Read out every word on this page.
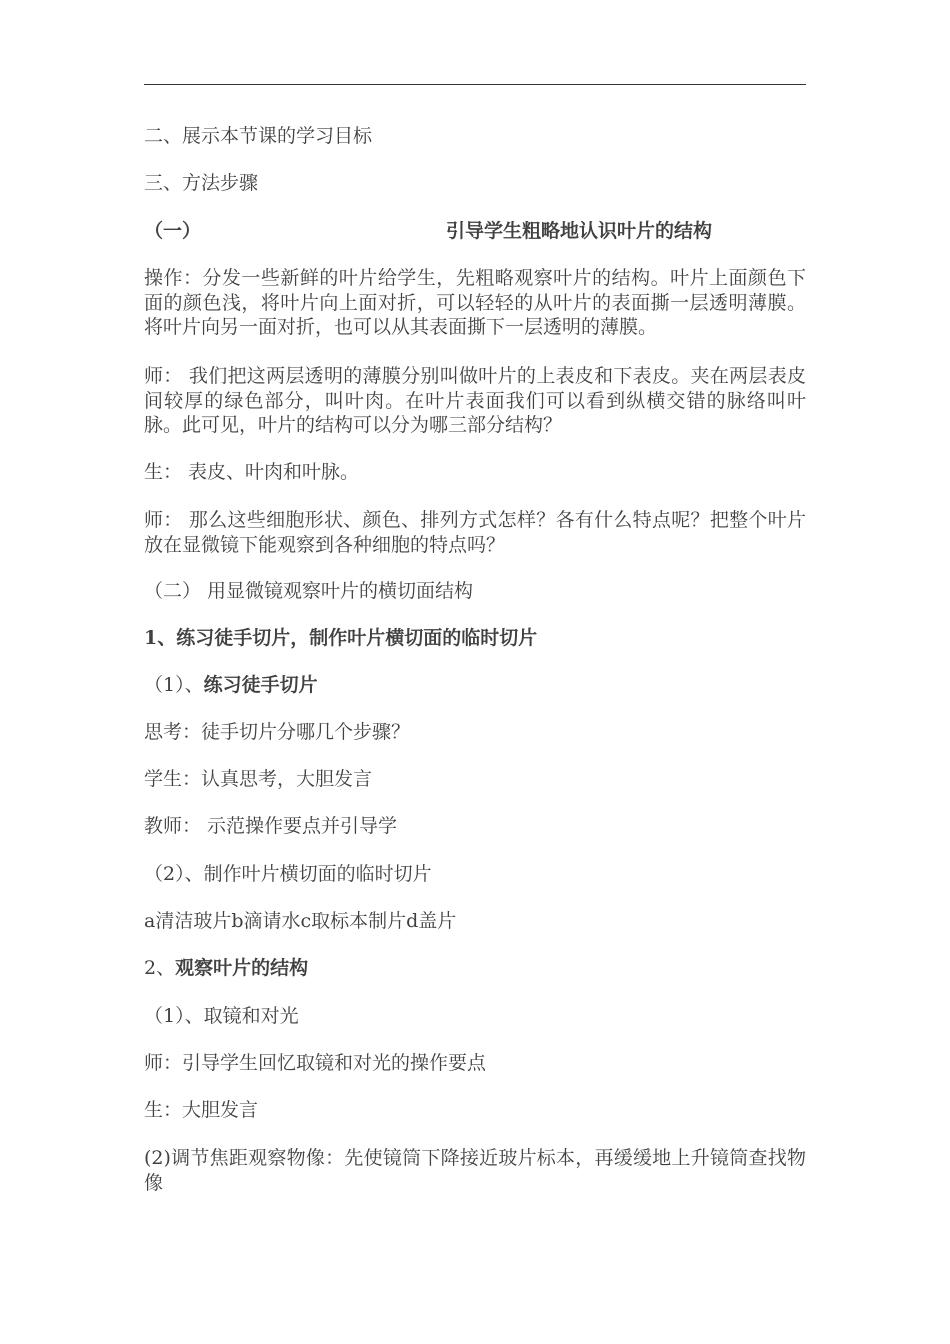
二、展示本节课的学习目标
三、方法步骤
（一）	引导学生粗略地认识叶片的结构
操作：分发一些新鲜的叶片给学生，先粗略观察叶片的结构。叶片上面颜色下面的颜色浅，将叶片向上面对折，可以轻轻的从叶片的表面撕一层透明薄膜。将叶片向另一面对折，也可以从其表面撕下一层透明的薄膜。
师： 我们把这两层透明的薄膜分别叫做叶片的上表皮和下表皮。夹在两层表皮间较厚的绿色部分，叫叶肉。在叶片表面我们可以看到纵横交错的脉络叫叶脉。此可见，叶片的结构可以分为哪三部分结构？
生： 表皮、叶肉和叶脉。
师： 那么这些细胞形状、颜色、排列方式怎样？各有什么特点呢？把整个叶片放在显微镜下能观察到各种细胞的特点吗？
（二） 用显微镜观察叶片的横切面结构
1、练习徒手切片，制作叶片横切面的临时切片
（1）、练习徒手切片
思考：徒手切片分哪几个步骤？
学生：认真思考，大胆发言
教师： 示范操作要点并引导学
（2）、制作叶片横切面的临时切片
a清洁玻片b滴请水c取标本制片d盖片
2、观察叶片的结构
（1）、取镜和对光
师：引导学生回忆取镜和对光的操作要点
生：大胆发言
(2)调节焦距观察物像：先使镜筒下降接近玻片标本，再缓缓地上升镜筒查找物像
